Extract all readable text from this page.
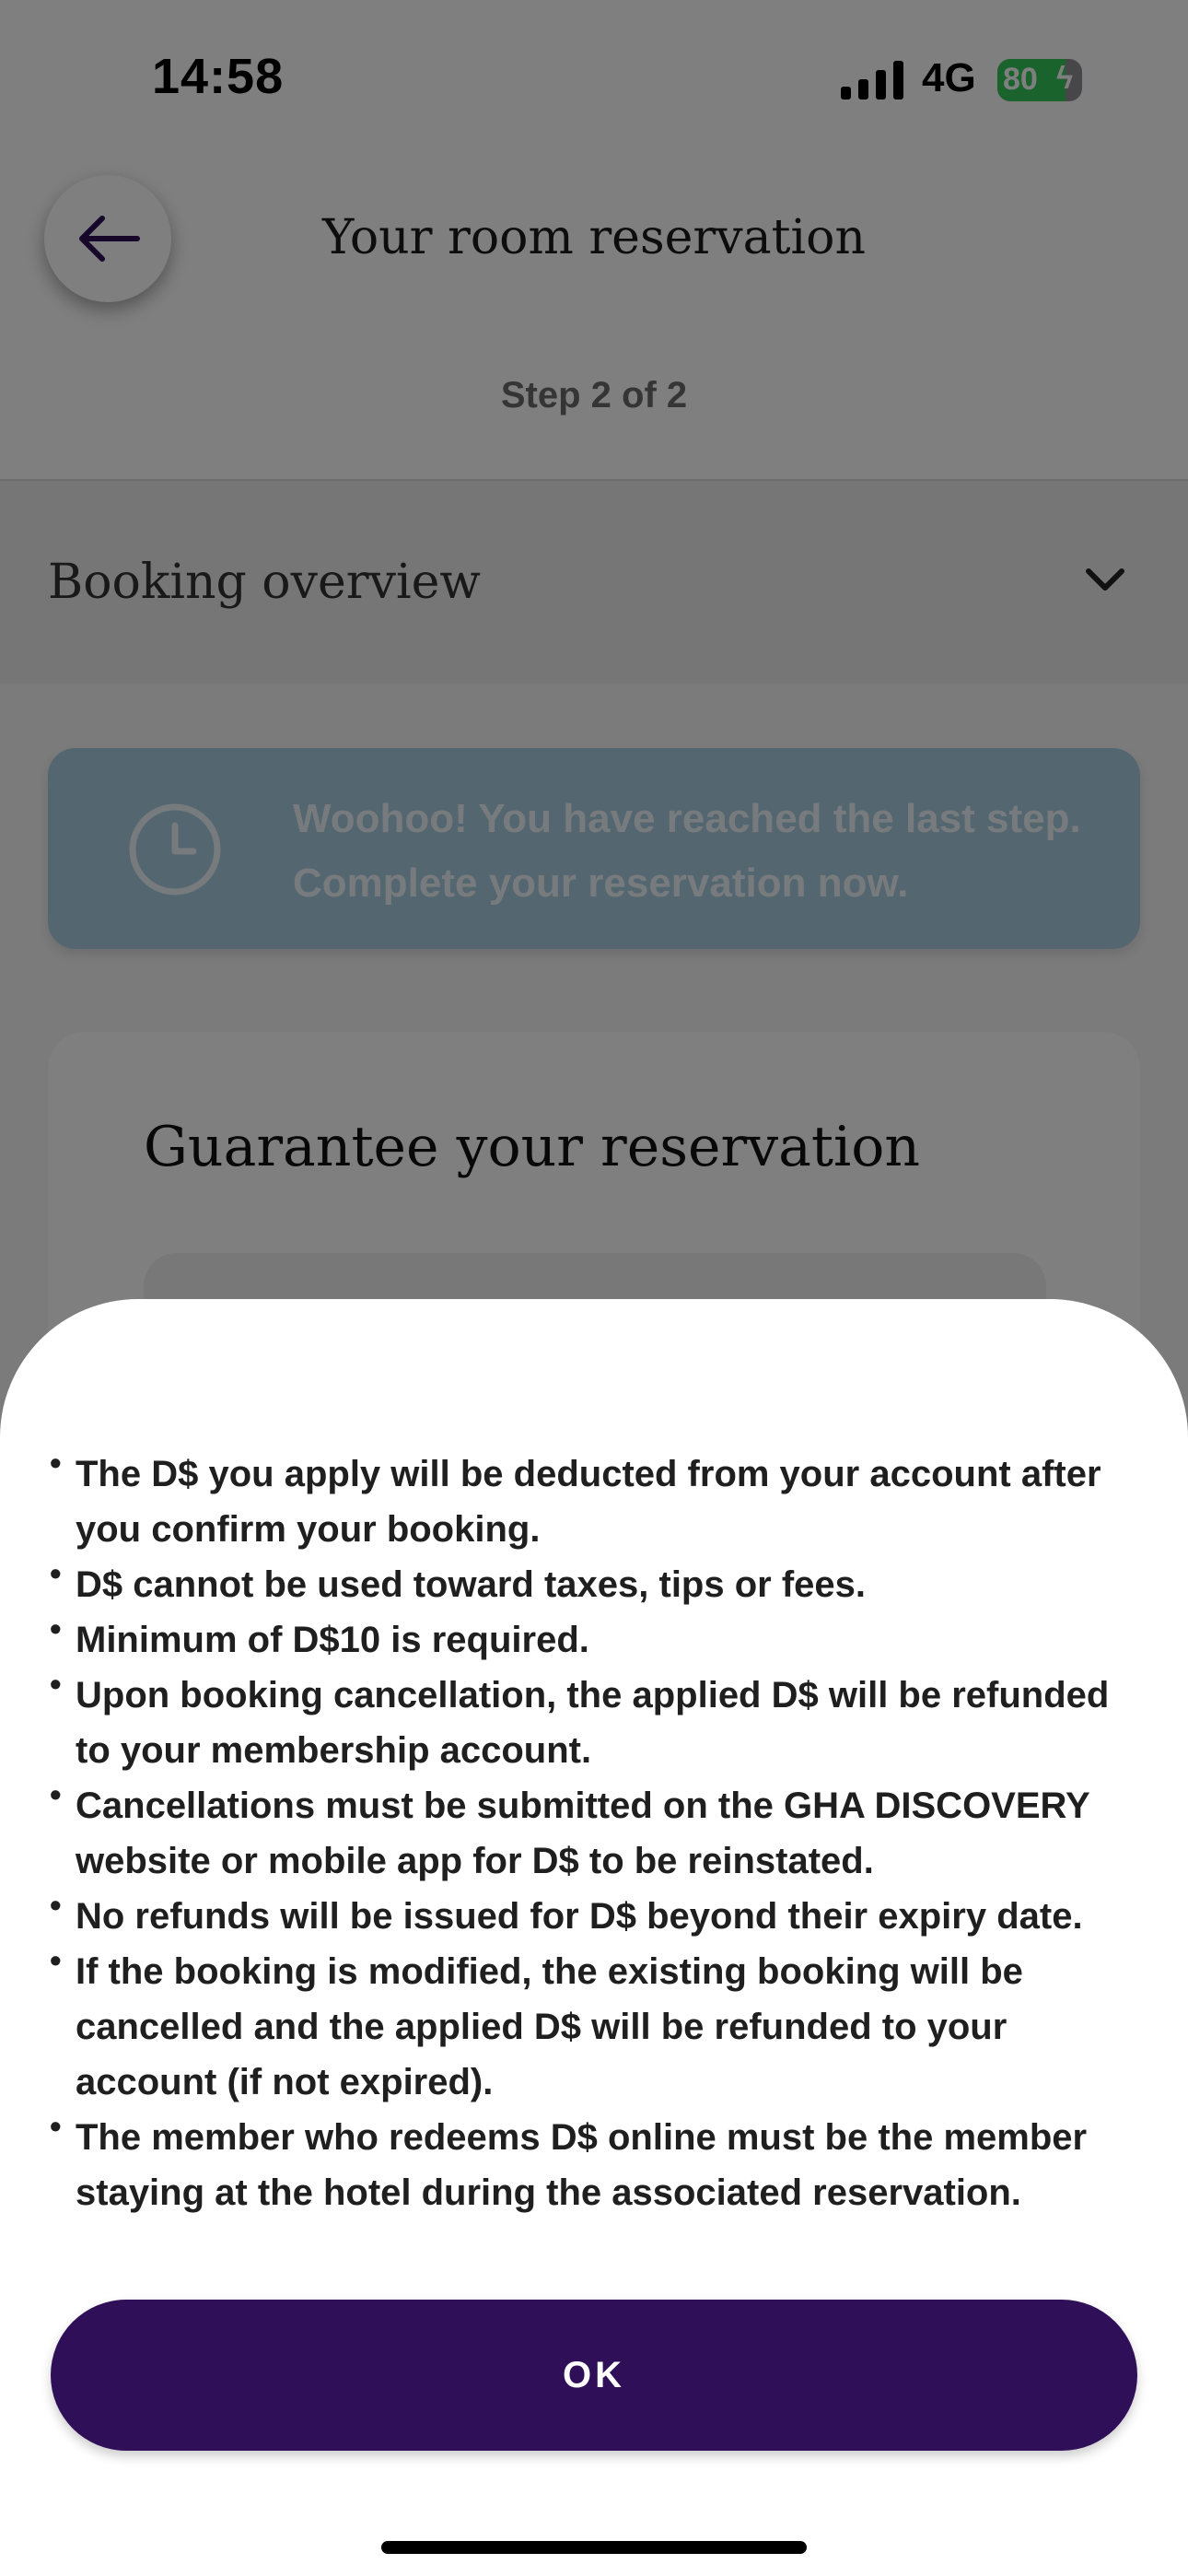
• The D$ you apply will be deducted from your account after you confirm your booking.
• D$ cannot be used toward taxes, tips or fees.
• Minimum of D$10 is required.
• Upon booking cancellation, the applied D$ will be refunded to your membership account.
• Cancellations must be submitted on the GHA DISCOVERY website or mobile app for D$ to be reinstated.
• No refunds will be issued for D$ beyond their expiry date.
• If the booking is modified, the existing booking will be cancelled and the applied D$ will be refunded to your account (if not expired).
• The member who redeems D$ online must be the member staying at the hotel during the associated reservation.
OK
